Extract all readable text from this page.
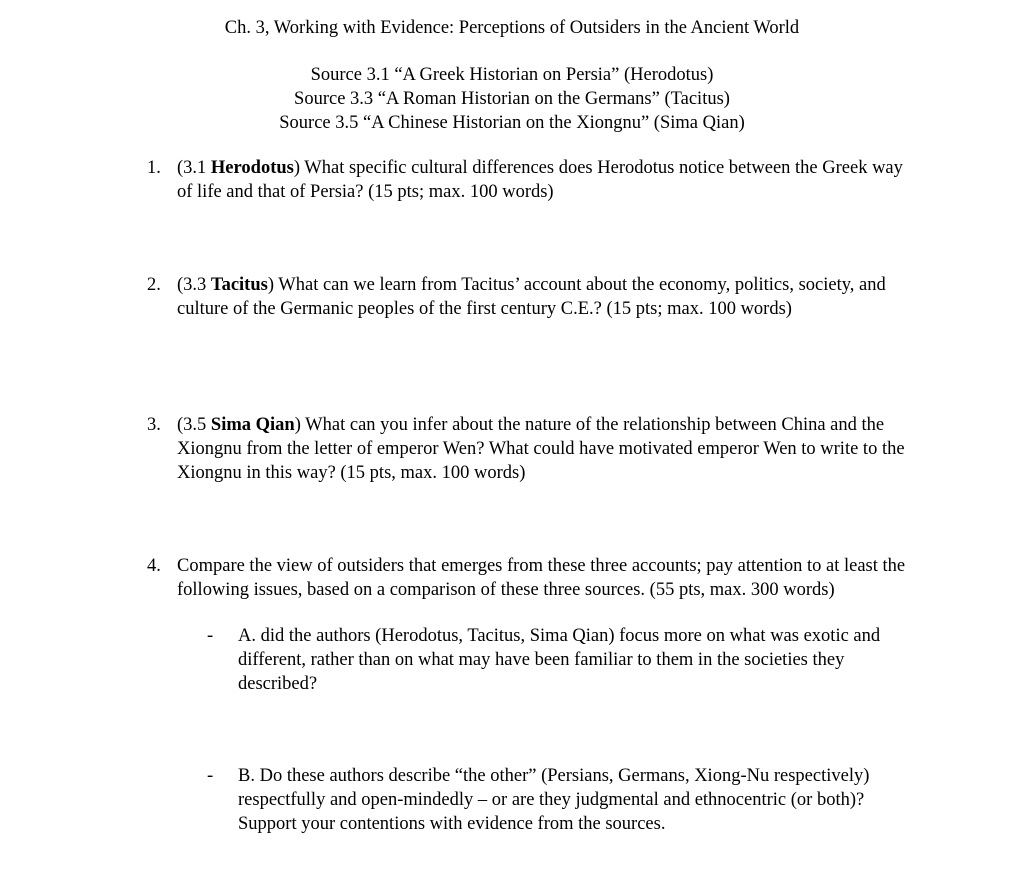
Ch. 3, Working with Evidence: Perceptions of Outsiders in the Ancient World
Source 3.1 “A Greek Historian on Persia” (Herodotus)
Source 3.3 “A Roman Historian on the Germans” (Tacitus)
Source 3.5 “A Chinese Historian on the Xiongnu” (Sima Qian)
1. (3.1 Herodotus) What specific cultural differences does Herodotus notice between the Greek way of life and that of Persia? (15 pts; max. 100 words)
2. (3.3 Tacitus) What can we learn from Tacitus’ account about the economy, politics, society, and culture of the Germanic peoples of the first century C.E.? (15 pts; max. 100 words)
3. (3.5 Sima Qian) What can you infer about the nature of the relationship between China and the Xiongnu from the letter of emperor Wen? What could have motivated emperor Wen to write to the Xiongnu in this way? (15 pts, max. 100 words)
4. Compare the view of outsiders that emerges from these three accounts; pay attention to at least the following issues, based on a comparison of these three sources. (55 pts, max. 300 words)
- A. did the authors (Herodotus, Tacitus, Sima Qian) focus more on what was exotic and different, rather than on what may have been familiar to them in the societies they described?
- B. Do these authors describe “the other” (Persians, Germans, Xiong-Nu respectively) respectfully and open-mindedly – or are they judgmental and ethnocentric (or both)? Support your contentions with evidence from the sources.
